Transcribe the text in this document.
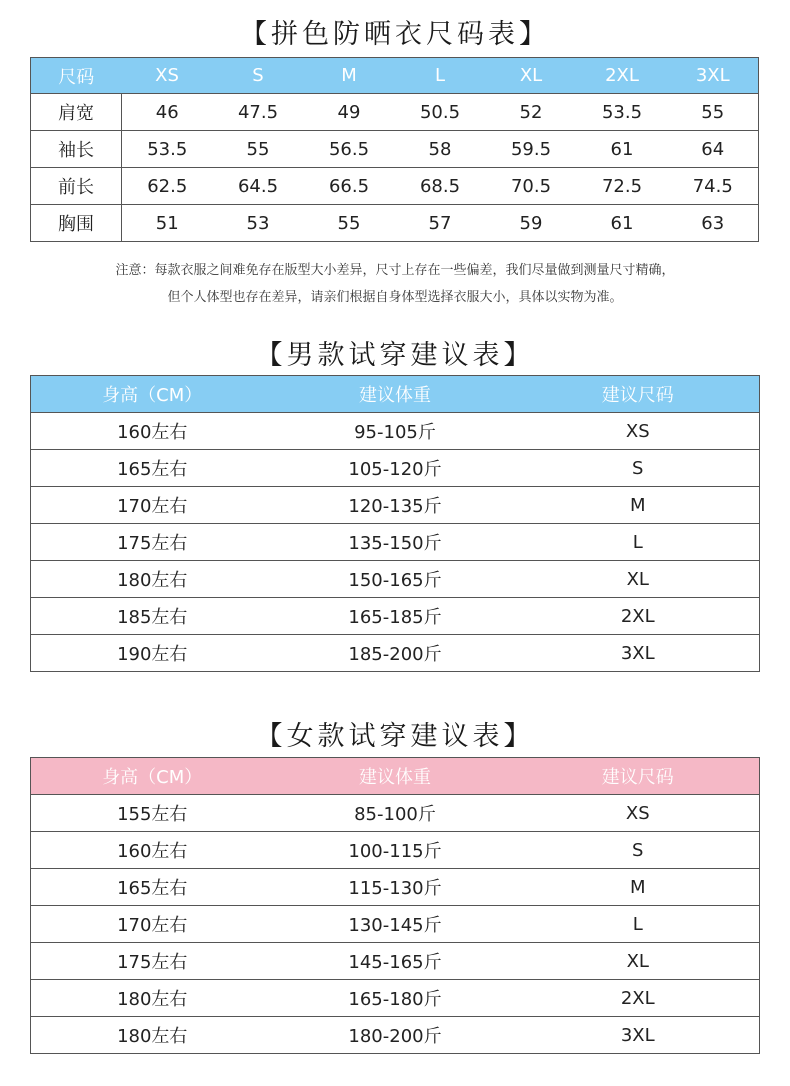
【拼色防晒衣尺码表】
尺码	XS	S	M	L	XL	2XL	3XL
肩宽	46	47.5	49	50.5	52	53.5	55
袖长	53.5	55	56.5	58	59.5	61	64
前长	62.5	64.5	66.5	68.5	70.5	72.5	74.5
胸围	51	53	55	57	59	61	63
注意：每款衣服之间难免存在版型大小差异，尺寸上存在一些偏差，我们尽量做到测量尺寸精确，
但个人体型也存在差异，请亲们根据自身体型选择衣服大小，具体以实物为准。
【男款试穿建议表】
身高（CM）	建议体重	建议尺码
160左右	95-105斤	XS
165左右	105-120斤	S
170左右	120-135斤	M
175左右	135-150斤	L
180左右	150-165斤	XL
185左右	165-185斤	2XL
190左右	185-200斤	3XL
【女款试穿建议表】
身高（CM）	建议体重	建议尺码
155左右	85-100斤	XS
160左右	100-115斤	S
165左右	115-130斤	M
170左右	130-145斤	L
175左右	145-165斤	XL
180左右	165-180斤	2XL
180左右	180-200斤	3XL
